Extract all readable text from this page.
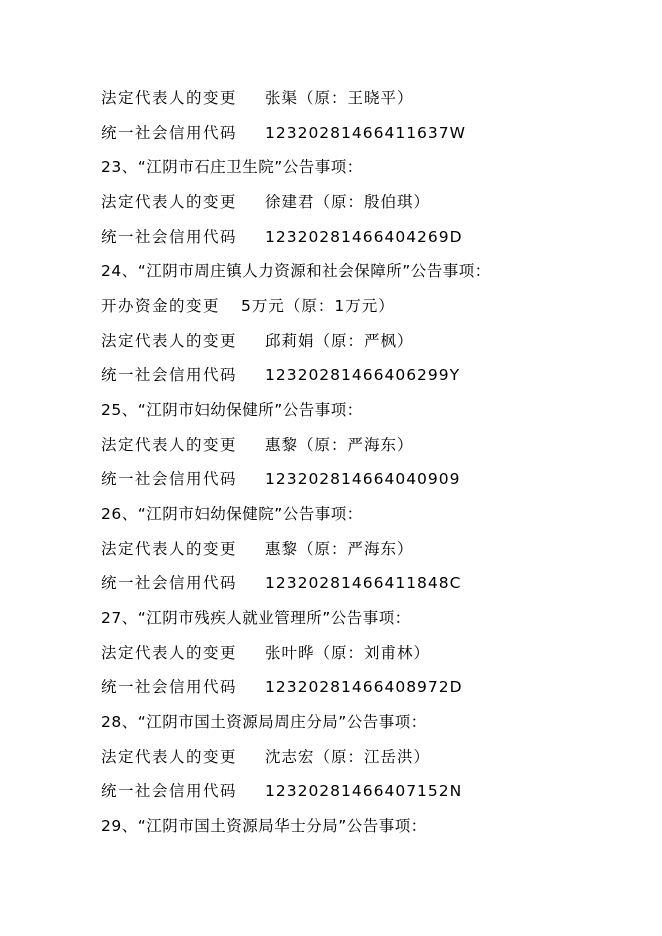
法定代表人的变更 张渠（原：王晓平）
统一社会信用代码 12320281466411637W
23、“江阴市石庄卫生院”公告事项：
法定代表人的变更 徐建君（原：殷伯琪）
统一社会信用代码 12320281466404269D
24、“江阴市周庄镇人力资源和社会保障所”公告事项：
开办资金的变更 5万元（原：1万元）
法定代表人的变更 邱莉娟（原：严枫）
统一社会信用代码 12320281466406299Y
25、“江阴市妇幼保健所”公告事项：
法定代表人的变更 惠黎（原：严海东）
统一社会信用代码 123202814664040909
26、“江阴市妇幼保健院”公告事项：
法定代表人的变更 惠黎（原：严海东）
统一社会信用代码 12320281466411848C
27、“江阴市残疾人就业管理所”公告事项：
法定代表人的变更 张叶晔（原：刘甫林）
统一社会信用代码 12320281466408972D
28、“江阴市国土资源局周庄分局”公告事项：
法定代表人的变更 沈志宏（原：江岳洪）
统一社会信用代码 12320281466407152N
29、“江阴市国土资源局华士分局”公告事项：
